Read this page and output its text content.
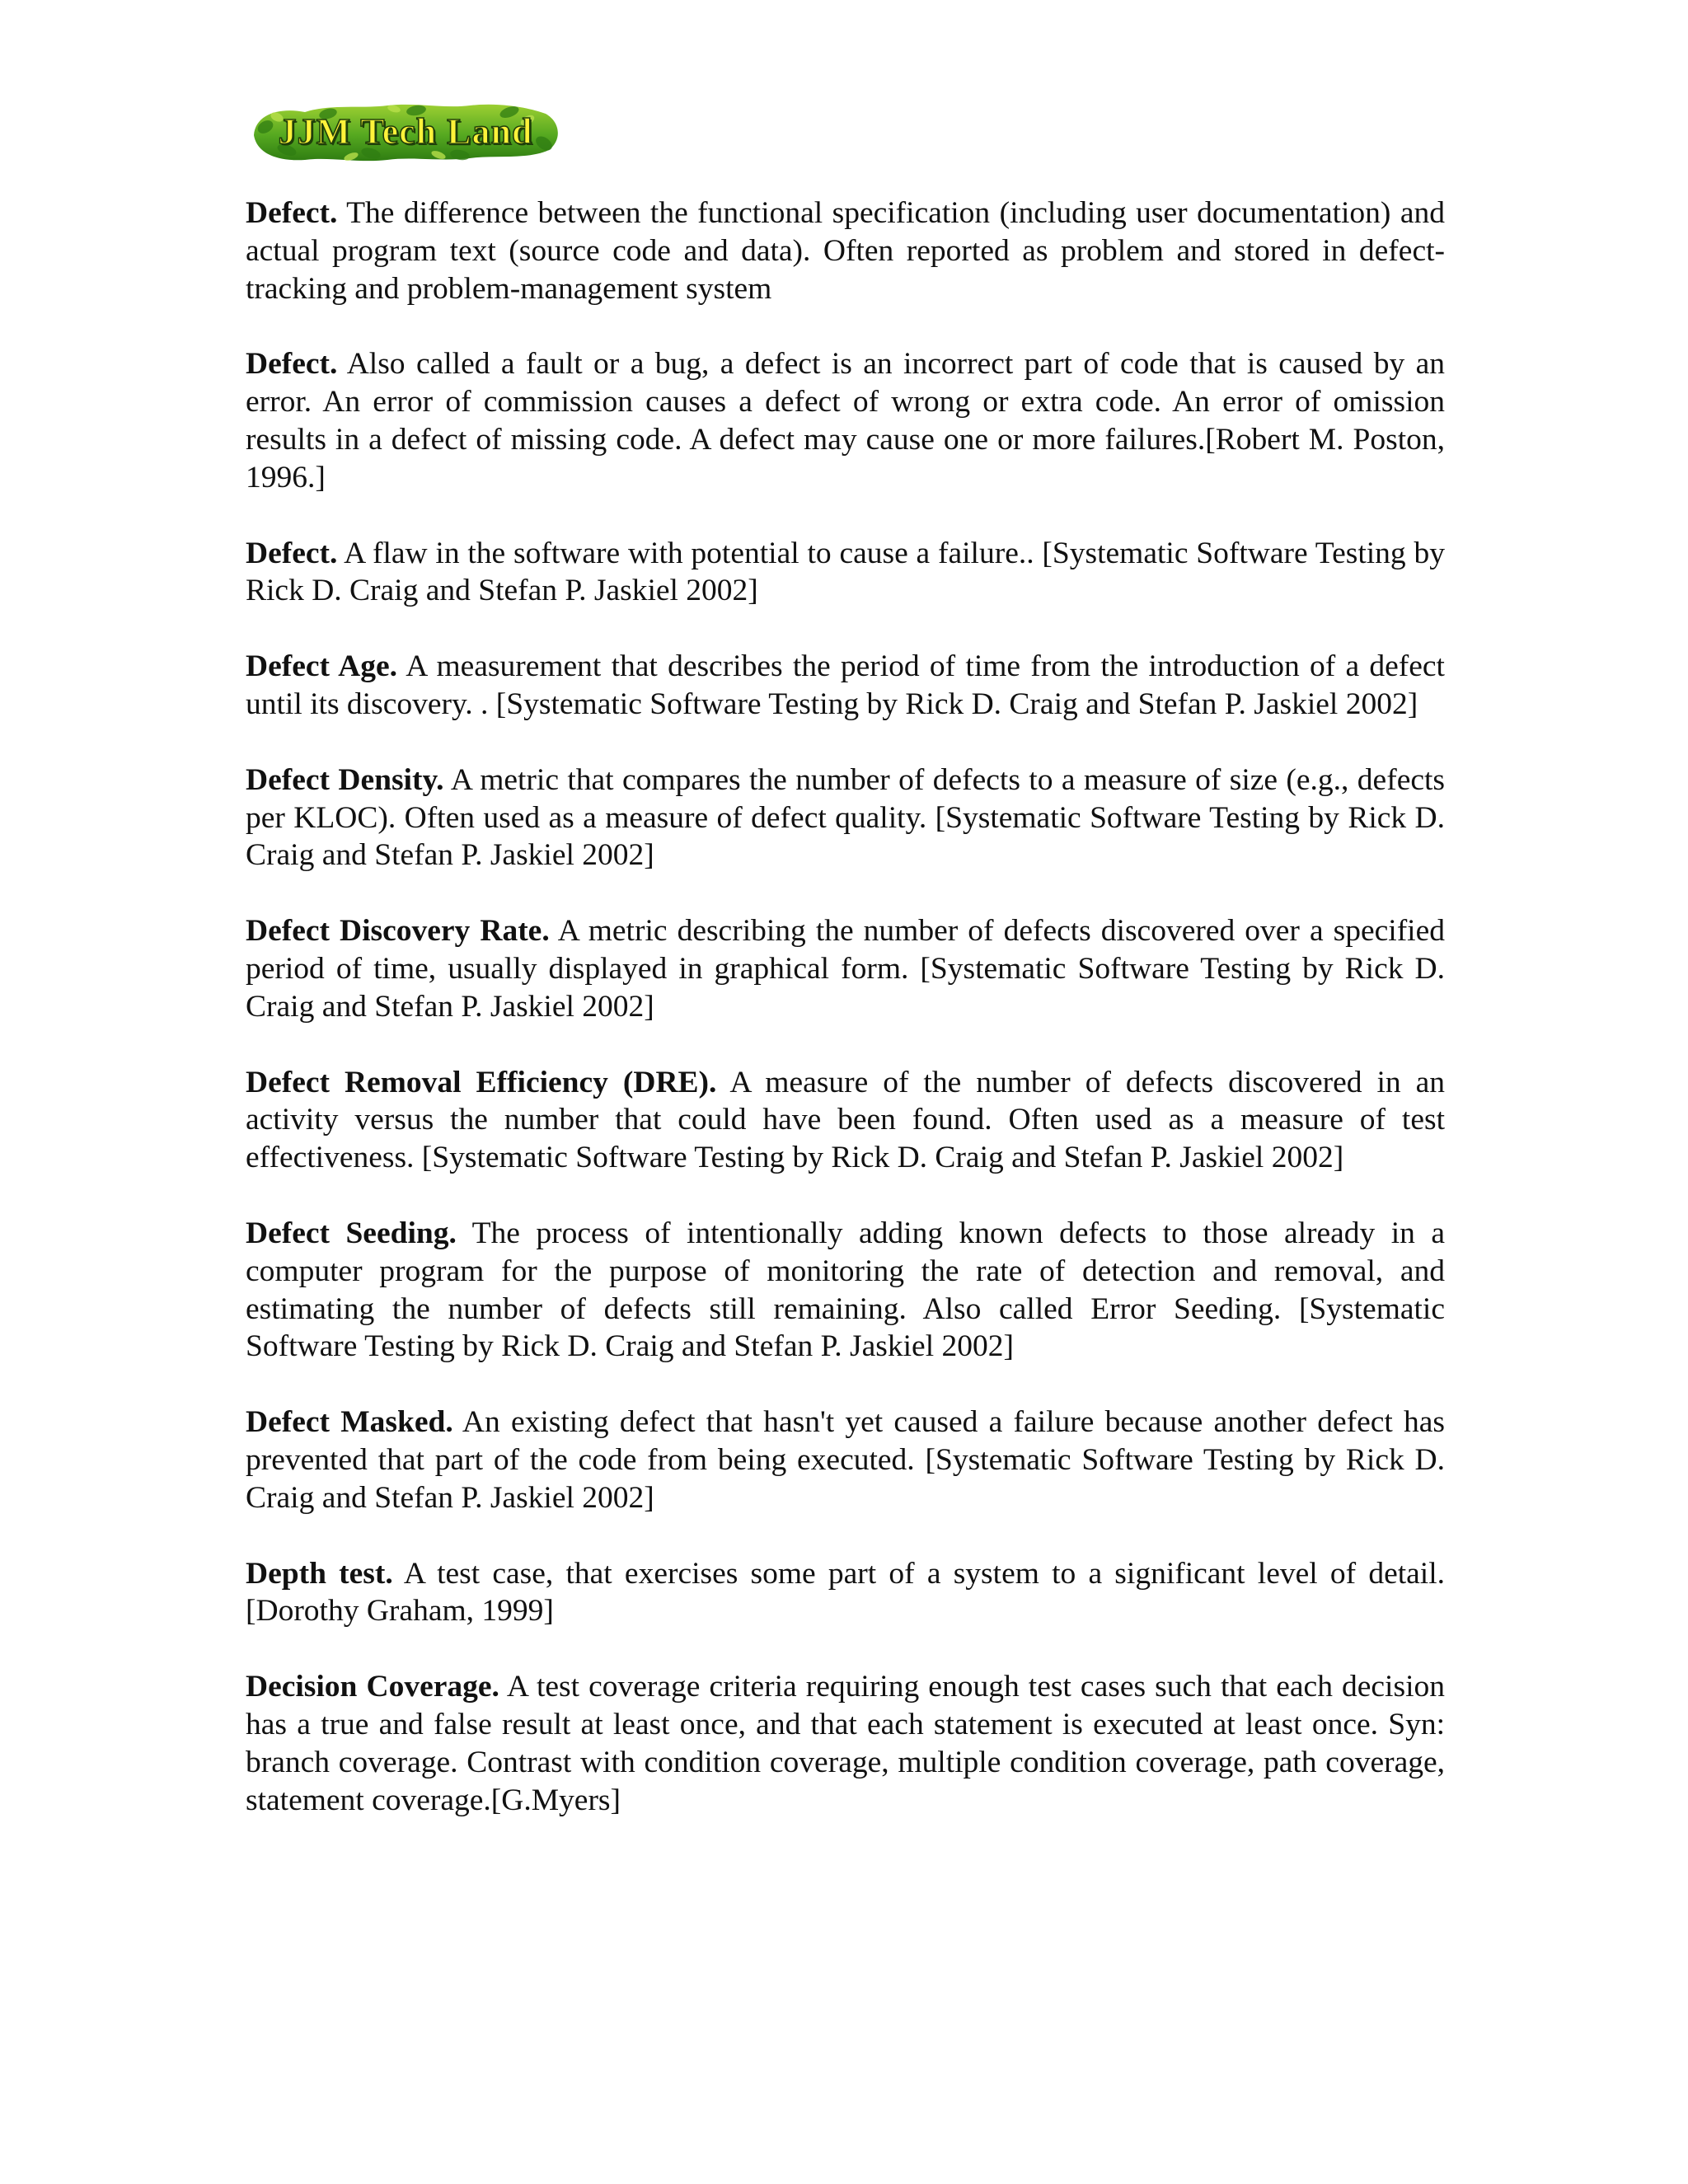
JJM Tech Land

Defect. The difference between the functional specification (including user documentation) and actual program text (source code and data). Often reported as problem and stored in defect-tracking and problem-management system

Defect. Also called a fault or a bug, a defect is an incorrect part of code that is caused by an error. An error of commission causes a defect of wrong or extra code. An error of omission results in a defect of missing code. A defect may cause one or more failures.[Robert M. Poston, 1996.]

Defect. A flaw in the software with potential to cause a failure.. [Systematic Software Testing by Rick D. Craig and Stefan P. Jaskiel 2002]

Defect Age. A measurement that describes the period of time from the introduction of a defect until its discovery. . [Systematic Software Testing by Rick D. Craig and Stefan P. Jaskiel 2002]

Defect Density. A metric that compares the number of defects to a measure of size (e.g., defects per KLOC). Often used as a measure of defect quality. [Systematic Software Testing by Rick D. Craig and Stefan P. Jaskiel 2002]

Defect Discovery Rate. A metric describing the number of defects discovered over a specified period of time, usually displayed in graphical form. [Systematic Software Testing by Rick D. Craig and Stefan P. Jaskiel 2002]

Defect Removal Efficiency (DRE). A measure of the number of defects discovered in an activity versus the number that could have been found. Often used as a measure of test effectiveness. [Systematic Software Testing by Rick D. Craig and Stefan P. Jaskiel 2002]

Defect Seeding. The process of intentionally adding known defects to those already in a computer program for the purpose of monitoring the rate of detection and removal, and estimating the number of defects still remaining. Also called Error Seeding. [Systematic Software Testing by Rick D. Craig and Stefan P. Jaskiel 2002]

Defect Masked. An existing defect that hasn't yet caused a failure because another defect has prevented that part of the code from being executed. [Systematic Software Testing by Rick D. Craig and Stefan P. Jaskiel 2002]

Depth test. A test case, that exercises some part of a system to a significant level of detail. [Dorothy Graham, 1999]

Decision Coverage. A test coverage criteria requiring enough test cases such that each decision has a true and false result at least once, and that each statement is executed at least once. Syn: branch coverage. Contrast with condition coverage, multiple condition coverage, path coverage, statement coverage.[G.Myers]
